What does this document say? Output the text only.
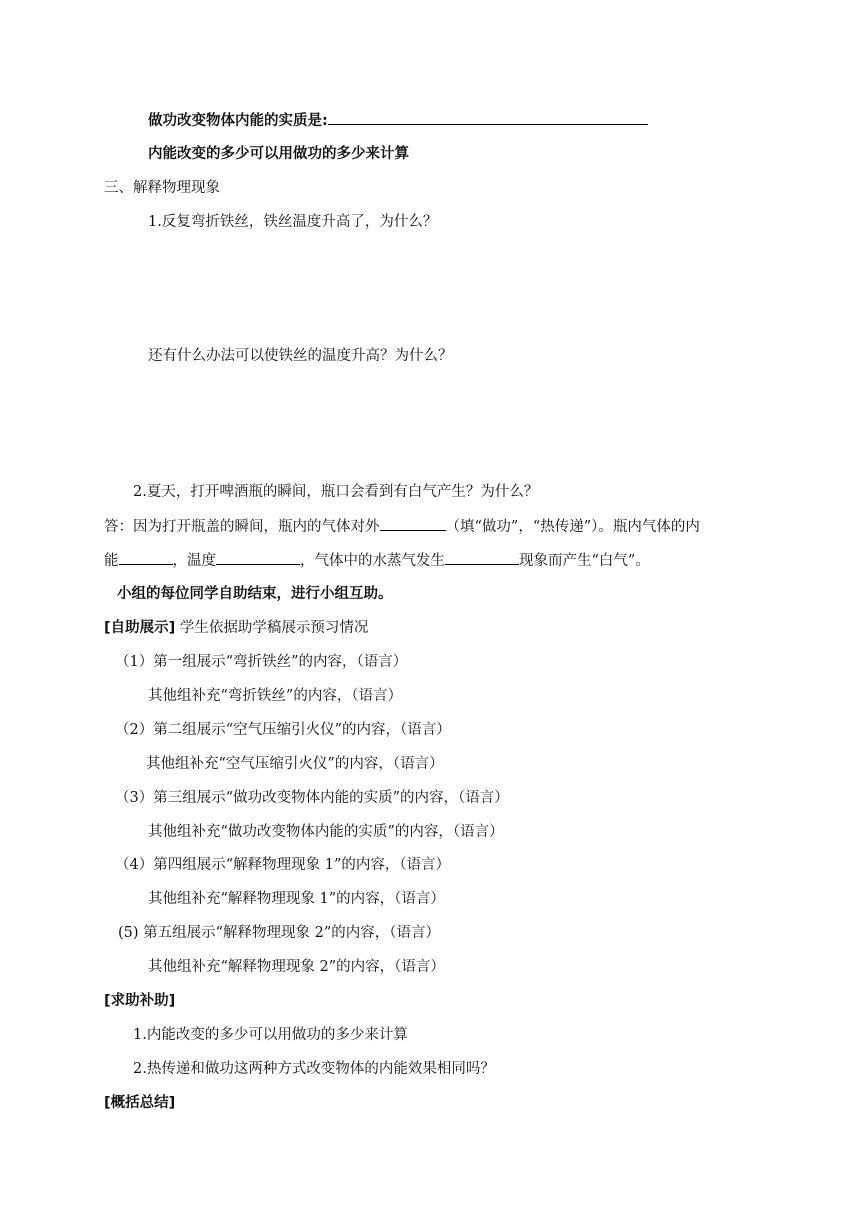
做功改变物体内能的实质是:
内能改变的多少可以用做功的多少来计算
三、解释物理现象
1.反复弯折铁丝，铁丝温度升高了，为什么？
还有什么办法可以使铁丝的温度升高？为什么？
2.夏天，打开啤酒瓶的瞬间，瓶口会看到有白气产生？为什么？
答：因为打开瓶盖的瞬间，瓶内的气体对外	（填“做功”，“热传递”）。瓶内气体的内
能	，温度	，气体中的水蒸气发生	现象而产生“白气”。
小组的每位同学自助结束，进行小组互助。
[自助展示] 学生依据助学稿展示预习情况
（1）第一组展示“弯折铁丝”的内容，（语言）
其他组补充“弯折铁丝”的内容，（语言）
（2）第二组展示“空气压缩引火仪”的内容，（语言）
其他组补充“空气压缩引火仪”的内容，（语言）
（3）第三组展示“做功改变物体内能的实质”的内容，（语言）
其他组补充“做功改变物体内能的实质”的内容，（语言）
（4）第四组展示“解释物理现象 1”的内容，（语言）
其他组补充“解释物理现象 1”的内容，（语言）
(5) 第五组展示“解释物理现象 2”的内容，（语言）
其他组补充“解释物理现象 2”的内容，（语言）
[求助补助]
1.内能改变的多少可以用做功的多少来计算
2.热传递和做功这两种方式改变物体的内能效果相同吗？
[概括总结]
